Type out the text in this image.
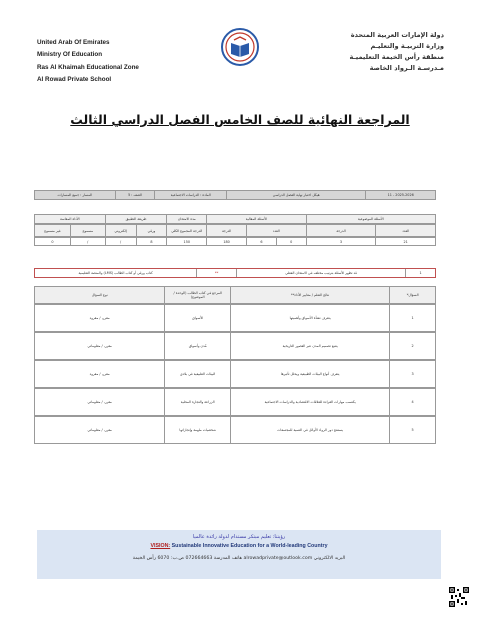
United Arab Of Emirates
Ministry Of Education
Ras Al Khaimah Educational Zone
Al Rowad Private School
دولة الإمارات العربية المتحدة
وزارة التربيـة والتعليـم
منطقة رأس الخيمة التعليميـة
مـدرسـة الـرواد الخاصة
المراجعة النهائية للصف الخامس الفصل الدراسي الثالث
2025-2026 - 11
هيكل اختبار نهاية الفصل الدراسي
المادة : الدراسات الاجتماعية
الصف : 5
المسار : جميع المسارات
الأسئلة الموضوعية
الأسئلة المقالية
مدة الامتحان
طريقة التطبيق
الأداة المقاسة
العدد
الدرجة
العدد
الدرجة
الدرجة المجموع الكلي
ورقي
إلكتروني
مسموع
غير مسموع
21
3
0
6
180
150
8
/
/
0
1
قد تظهر الأسئلة بترتيب مختلف في الامتحان الفعلي
**
كتاب ورقي أو كتاب الطالب (LMS) والمنصة التعليمية
السؤال*
نتائج التعلم / معايير الأداء**
المرجع في كتاب الطالب (الوحدة / الموضوع)
نوع السؤال
1
يتعرف نشأة الأسواق وأهميتها
الأسواق
مقرر، / مقروء
2
يتتبع تصميم المدن عبر العصور التاريخية
مُدن وأسواق
مقرر، / معلوماتي
3
يتعرف أنواع البيئات الطبيعية ويحلل تأثيرها
البيئات الطبيعية في بلادي
مقرر، / مقروء
4
يكتسب مهارات القراءة للعلاقات الاقتصادية والدراسات الاجتماعية
الزراعة والتجارة المحلية
مقرر، / معلوماتي
5
يستنتج دور الرواد الأوائل في التنمية للمجتمعات
شخصيات ملهمة وإنجازاتها
مقرر، / معلوماتي
رؤيتنا: تعليم مبتكر مستدام لدولة رائدة عالميا
VISION: Sustainable Innovative Education for a World-leading Country
البريد الالكتروني alrowadprivate@outlook.com هاتف المدرسة 072664663 ص.ب: 6070 رأس الخيمة
